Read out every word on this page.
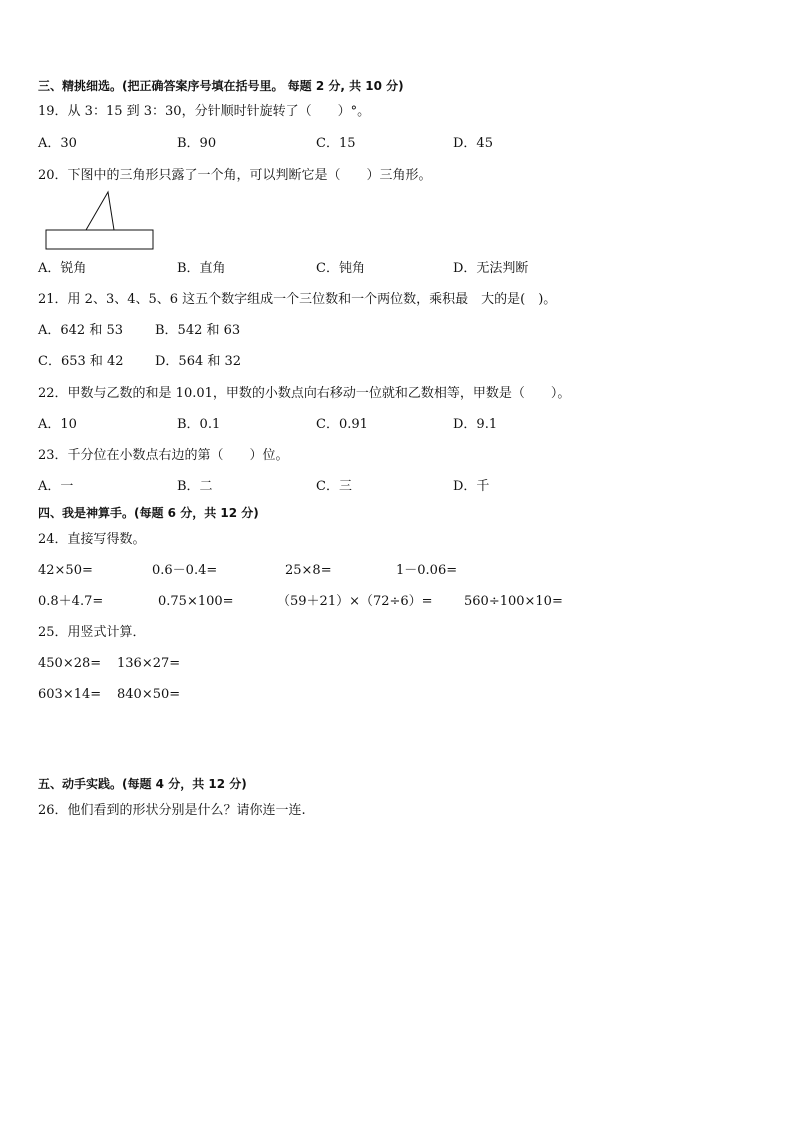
三、精挑细选。(把正确答案序号填在括号里。 每题 2 分, 共 10 分)
19．从 3：15 到 3：30，分针顺时针旋转了（　　）°。
A．30	B．90	C．15	D．45
20．下图中的三角形只露了一个角，可以判断它是（　　）三角形。
A．锐角	B．直角	C．钝角	D．无法判断
21．用 2、3、4、5、6 这五个数字组成一个三位数和一个两位数，乘积最　大的是(　)。
A．642 和 53 B．542 和 63
C．653 和 42 D．564 和 32
22．甲数与乙数的和是 10.01，甲数的小数点向右移动一位就和乙数相等，甲数是（　　）。
A．10	B．0.1	C．0.91	D．9.1
23．千分位在小数点右边的第（　　）位。
A．一	B．二	C．三	D．千
四、我是神算手。(每题 6 分，共 12 分)
24．直接写得数。
42×50=	0.6－0.4=	25×8=	1－0.06=
0.8＋4.7=	0.75×100=	（59＋21）×（72÷6）= 560÷100×10=
25．用竖式计算．
450×28= 136×27=
603×14= 840×50=
五、动手实践。(每题 4 分，共 12 分)
26．他们看到的形状分别是什么？请你连一连.
